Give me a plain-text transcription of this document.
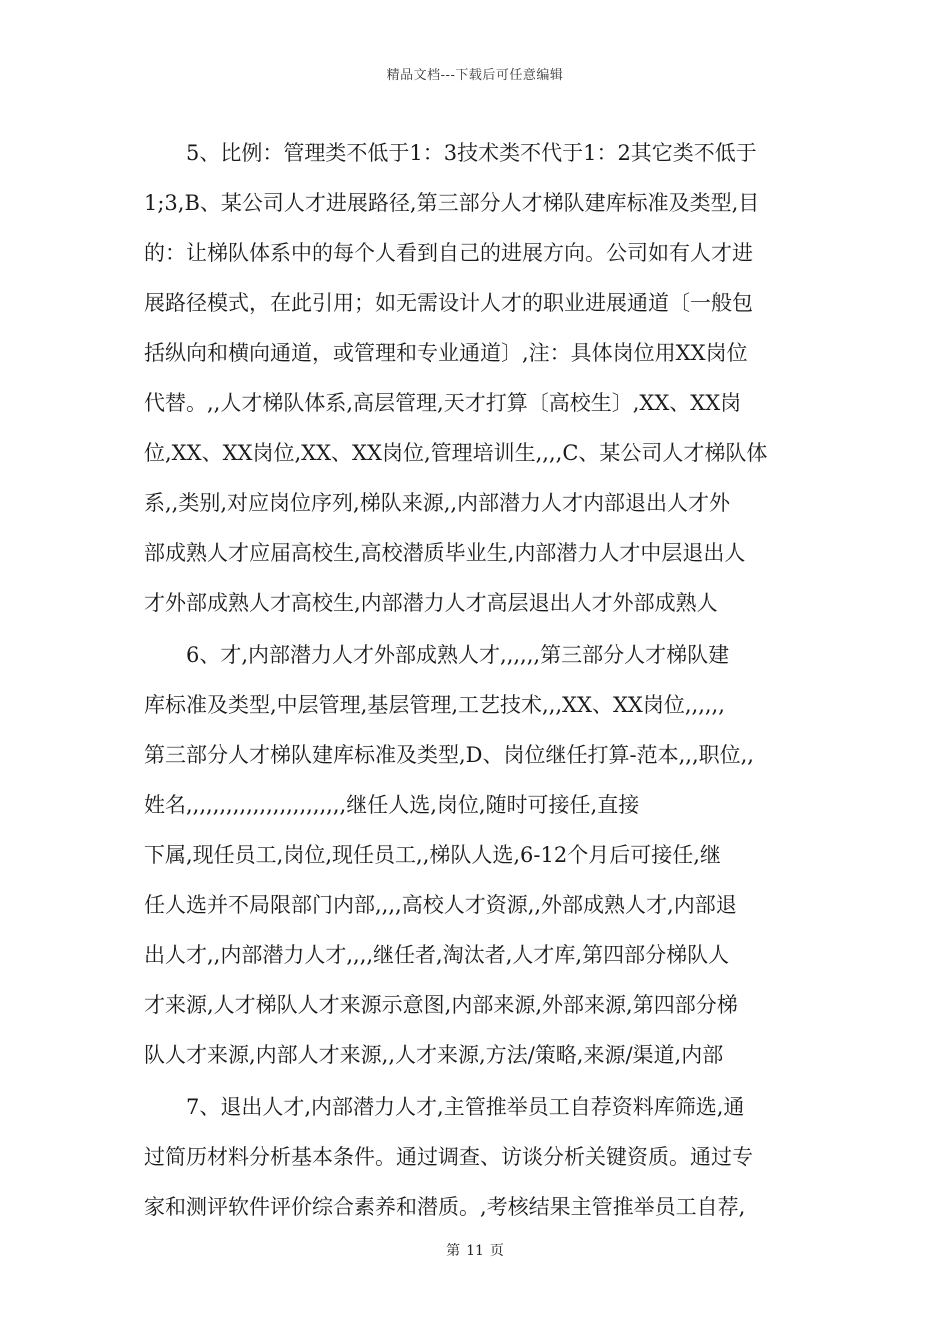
精品文档---下载后可任意编辑
　　5、比例：管理类不低于1：3技术类不代于1：2其它类不低于
1;3,B、某公司人才进展路径,第三部分人才梯队建库标准及类型,目
的：让梯队体系中的每个人看到自己的进展方向。公司如有人才进
展路径模式，在此引用；如无需设计人才的职业进展通道〔一般包
括纵向和横向通道，或管理和专业通道〕,注：具体岗位用XX岗位
代替。,,人才梯队体系,高层管理,天才打算〔高校生〕,XX、XX岗
位,XX、XX岗位,XX、XX岗位,管理培训生,,,,C、某公司人才梯队体
系,,类别,对应岗位序列,梯队来源,,内部潜力人才内部退出人才外
部成熟人才应届高校生,高校潜质毕业生,内部潜力人才中层退出人
才外部成熟人才高校生,内部潜力人才高层退出人才外部成熟人
　　6、才,内部潜力人才外部成熟人才,,,,,,第三部分人才梯队建
库标准及类型,中层管理,基层管理,工艺技术,,,XX、XX岗位,,,,,,
第三部分人才梯队建库标准及类型,D、岗位继任打算-范本,,,职位,,
姓名,,,,,,,,,,,,,,,,,,,,,,,,继任人选,岗位,随时可接任,直接
下属,现任员工,岗位,现任员工,,梯队人选,6-12个月后可接任,继
任人选并不局限部门内部,,,,高校人才资源,,外部成熟人才,内部退
出人才,,内部潜力人才,,,,继任者,淘汰者,人才库,第四部分梯队人
才来源,人才梯队人才来源示意图,内部来源,外部来源,第四部分梯
队人才来源,内部人才来源,,人才来源,方法/策略,来源/渠道,内部
　　7、退出人才,内部潜力人才,主管推举员工自荐资料库筛选,通
过简历材料分析基本条件。通过调查、访谈分析关键资质。通过专
家和测评软件评价综合素养和潜质。,考核结果主管推举员工自荐,
第 11 页
